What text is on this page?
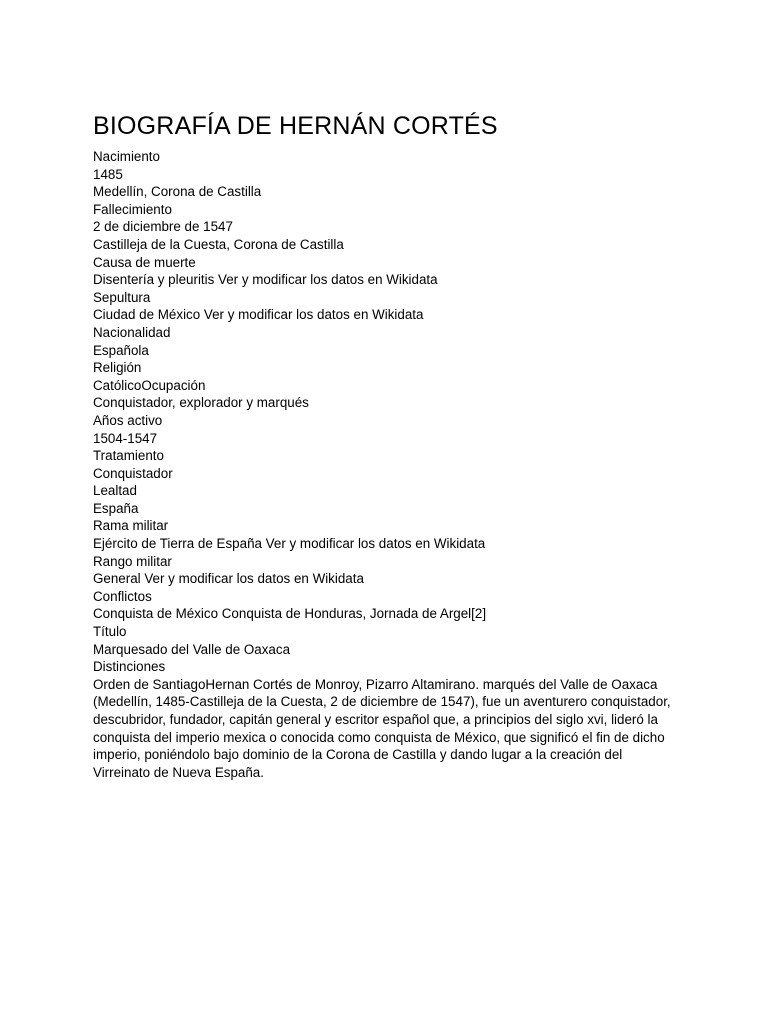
BIOGRAFÍA DE HERNÁN CORTÉS
Nacimiento
1485
Medellín, Corona de Castilla
Fallecimiento
2 de diciembre de 1547
Castilleja de la Cuesta, Corona de Castilla
Causa de muerte
Disentería y pleuritis Ver y modificar los datos en Wikidata
Sepultura
Ciudad de México Ver y modificar los datos en Wikidata
Nacionalidad
Española
Religión
CatólicoOcupación
Conquistador, explorador y marqués
Años activo
1504-1547
Tratamiento
Conquistador
Lealtad
España
Rama militar
Ejército de Tierra de España Ver y modificar los datos en Wikidata
Rango militar
General Ver y modificar los datos en Wikidata
Conflictos
Conquista de México Conquista de Honduras, Jornada de Argel[2]
Título
Marquesado del Valle de Oaxaca
Distinciones
Orden de SantiagoHernan Cortés de Monroy, Pizarro Altamirano. marqués del Valle de Oaxaca (Medellín, 1485-Castilleja de la Cuesta, 2 de diciembre de 1547), fue un aventurero conquistador, descubridor, fundador, capitán general y escritor español que, a principios del siglo xvi, lideró la conquista del imperio mexica o conocida como conquista de México, que significó el fin de dicho imperio, poniéndolo bajo dominio de la Corona de Castilla y dando lugar a la creación del Virreinato de Nueva España.
